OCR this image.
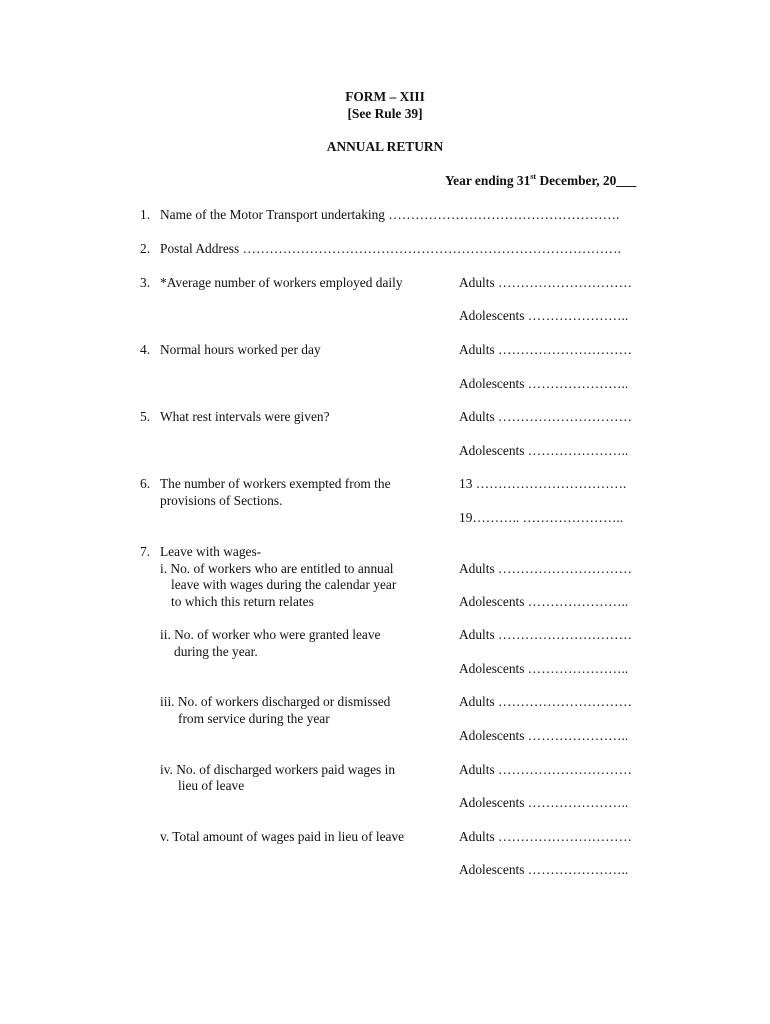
FORM – XIII
[See Rule 39]
ANNUAL RETURN
Year ending 31st December, 20___
1. Name of the Motor Transport undertaking …………………………………………….
2. Postal Address ………………………………………………………………………….
3. *Average number of workers employed daily	Adults …………………………
Adolescents …………………..
4. Normal hours worked per day	Adults …………………………
Adolescents …………………..
5. What rest intervals were given?	Adults …………………………
Adolescents …………………..
6. The number of workers exempted from the
provisions of Sections.
13 …………………………….
19……….. …………………..
7. Leave with wages-
i. No. of workers who are entitled to annual
leave with wages during the calendar year
to which this return relates
Adults …………………………
Adolescents …………………..
ii. No. of worker who were granted leave
during the year.
Adults …………………………
Adolescents …………………..
iii. No. of workers discharged or dismissed
from service during the year
Adults …………………………
Adolescents …………………..
iv. No. of discharged workers paid wages in
lieu of leave
Adults …………………………
Adolescents …………………..
v. Total amount of wages paid in lieu of leave	Adults …………………………
Adolescents …………………..
